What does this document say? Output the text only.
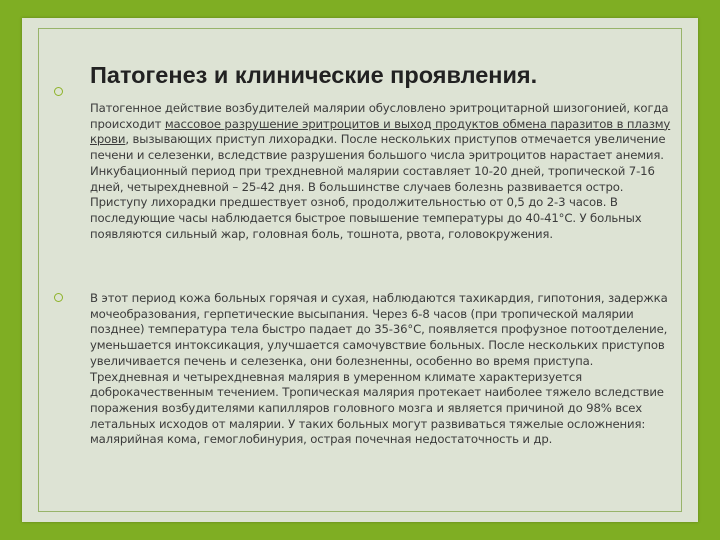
Патогенез и клинические проявления.

Патогенное действие возбудителей малярии обусловлено эритроцитарной шизогонией, когда происходит массовое разрушение эритроцитов и выход продуктов обмена паразитов в плазму крови, вызывающих приступ лихорадки. После нескольких приступов отмечается увеличение печени и селезенки, вследствие разрушения большого числа эритроцитов нарастает анемия. Инкубационный период при трехдневной малярии составляет 10-20 дней, тропической 7-16 дней, четырехдневной – 25-42 дня. В большинстве случаев болезнь развивается остро. Приступу лихорадки предшествует озноб, продолжительностью от 0,5 до 2-3 часов. В последующие часы наблюдается быстрое повышение температуры до 40-41°С. У больных появляются сильный жар, головная боль, тошнота, рвота, головокружения.

В этот период кожа больных горячая и сухая, наблюдаются тахикардия, гипотония, задержка мочеобразования, герпетические высыпания. Через 6-8 часов (при тропической малярии позднее) температура тела быстро падает до 35-36°С, появляется профузное потоотделение, уменьшается интоксикация, улучшается самочувствие больных. После нескольких приступов увеличивается печень и селезенка, они болезненны, особенно во время приступа. Трехдневная и четырехдневная малярия в умеренном климате характеризуется доброкачественным течением. Тропическая малярия протекает наиболее тяжело вследствие поражения возбудителями капилляров головного мозга и является причиной до 98% всех летальных исходов от малярии. У таких больных могут развиваться тяжелые осложнения: малярийная кома, гемоглобинурия, острая почечная недостаточность и др.
